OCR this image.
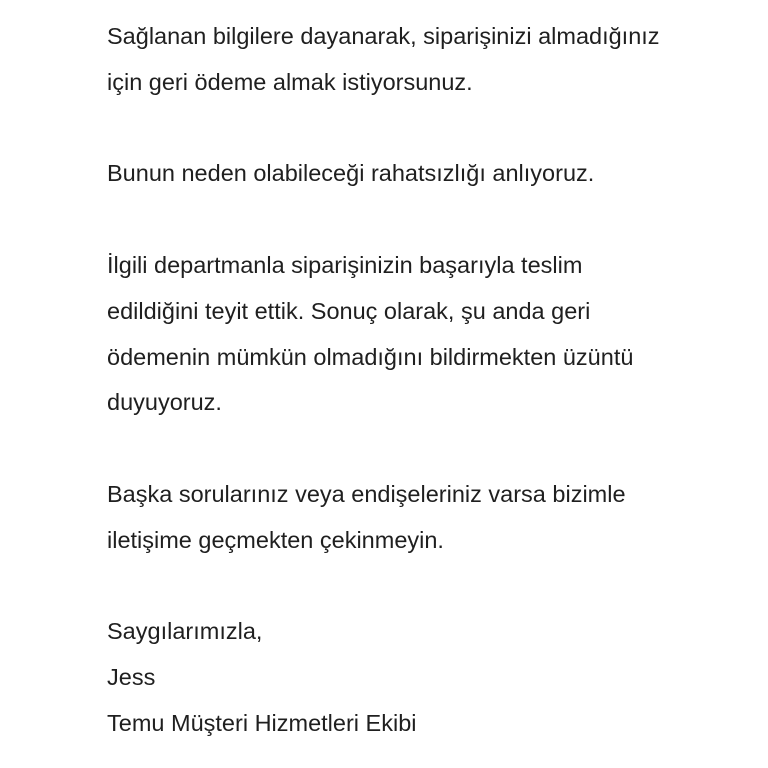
Sağlanan bilgilere dayanarak, siparişinizi almadığınız
için geri ödeme almak istiyorsunuz.
Bunun neden olabileceği rahatsızlığı anlıyoruz.
İlgili departmanla siparişinizin başarıyla teslim
edildiğini teyit ettik. Sonuç olarak, şu anda geri
ödemenin mümkün olmadığını bildirmekten üzüntü
duyuyoruz.
Başka sorularınız veya endişeleriniz varsa bizimle
iletişime geçmekten çekinmeyin.
Saygılarımızla,
Jess
Temu Müşteri Hizmetleri Ekibi
